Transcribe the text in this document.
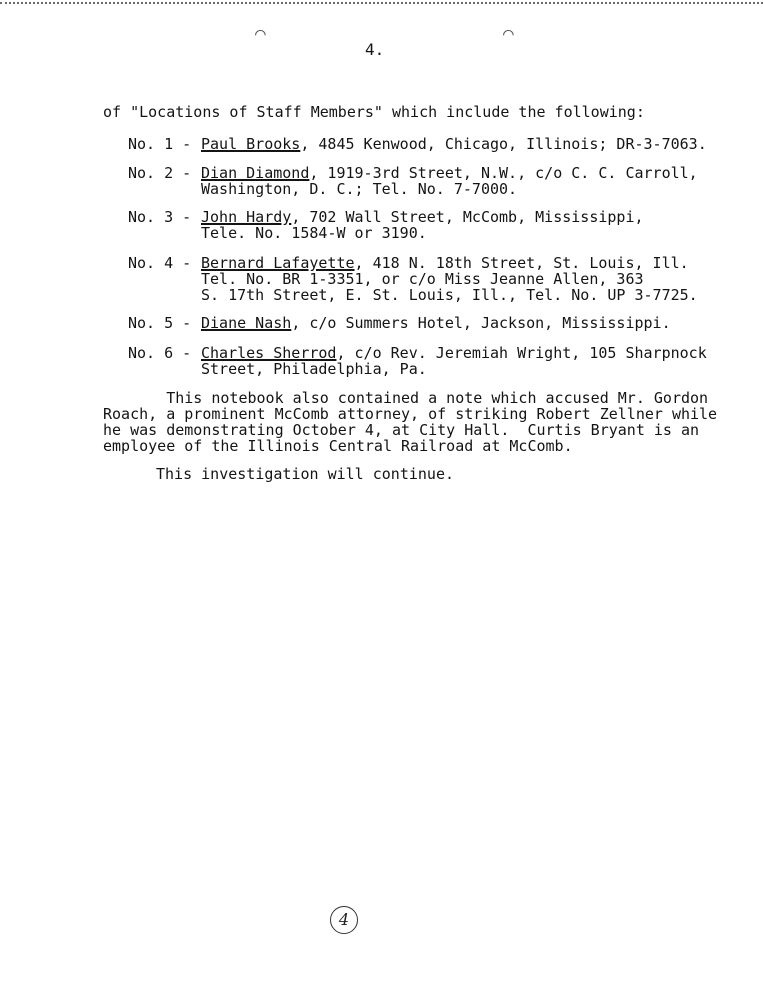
⌒
4.
⌒
of "Locations of Staff Members" which include the following:
No. 1 - Paul Brooks, 4845 Kenwood, Chicago, Illinois; DR-3-7063.
No. 2 - Dian Diamond, 1919-3rd Street, N.W., c/o C. C. Carroll,
Washington, D. C.; Tel. No. 7-7000.
No. 3 - John Hardy, 702 Wall Street, McComb, Mississippi,
Tele. No. 1584-W or 3190.
No. 4 - Bernard Lafayette, 418 N. 18th Street, St. Louis, Ill.
Tel. No. BR 1-3351, or c/o Miss Jeanne Allen, 363
S. 17th Street, E. St. Louis, Ill., Tel. No. UP 3-7725.
No. 5 - Diane Nash, c/o Summers Hotel, Jackson, Mississippi.
No. 6 - Charles Sherrod, c/o Rev. Jeremiah Wright, 105 Sharpnock
Street, Philadelphia, Pa.
This notebook also contained a note which accused Mr. Gordon
Roach, a prominent McComb attorney, of striking Robert Zellner while
he was demonstrating October 4, at City Hall.  Curtis Bryant is an
employee of the Illinois Central Railroad at McComb.
This investigation will continue.
4
